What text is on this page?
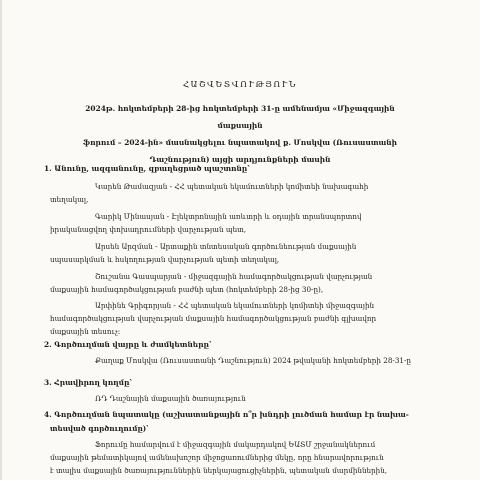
ՀԱՇՎԵՏՎՈՒԹՅՈՒՆ
2024թ. հոկտեմբերի 28-ից հոկտեմբերի 31-ը ամենամյա «Միջազգային մաքսային
ֆորում – 2024-ին» մասնակցելու նպատակով ք. Մոսկվա (Ռուսաստանի
Դաշնություն) այցի արդյունքների մասին
1. Անունը, ազգանունը, զբաղեցրած պաշտոնը՝
Կարեն Թամազյան - ՀՀ պետական եկամուտների կոմիտեի նախագահի
տեղակալ,
Գարիկ Մինասյան - Էլեկտրոնային առևտրի և օդային տրանսպորտով
իրականացվող փոխադրումների վարչության պետ,
Արսեն Արզման - Արտաքին տնտեսական գործունեության մաքսային
սպասարկման և հսկողության վարչության պետի տեղակալ,
Շուշանա Գասպարյան - միջազգային համագործակցության վարչության
մաքսային համագործակցության բաժնի պետ (հոկտեմբերի 28-ից 30-ը),
Արփինե Գրիգորյան - ՀՀ պետական եկամուտների կոմիտեի միջազգային
համագործակցության վարչության մաքսային համագործակցության բաժնի գլխավոր
մաքսային տեսուչ:
2. Գործուղման վայրը և ժամկետները՝
Քաղաք Մոսկվա (Ռուսաստանի Դաշնություն) 2024 թվականի հոկտեմբերի 28-31-ը
3. Հրավիրող կողմը՝
ՌԴ Դաշնային մաքսային ծառայություն
4. Գործուղման նպատակը (աշխատանքային ո՞ր խնդրի լուծման համար էր նախա-
տեսված գործուղումը)՝
Ֆորումը համարվում է միջազգային մակարդակով ԵԱՏՄ շրջանակներում
մաքսային թեմատիկայով ամենախոշոր միջոցառումներից մեկը, որը հնարավորություն
է տալիս մաքսային ծառայություններին ներկայացուցիչներին, պետական մարմիններին,
